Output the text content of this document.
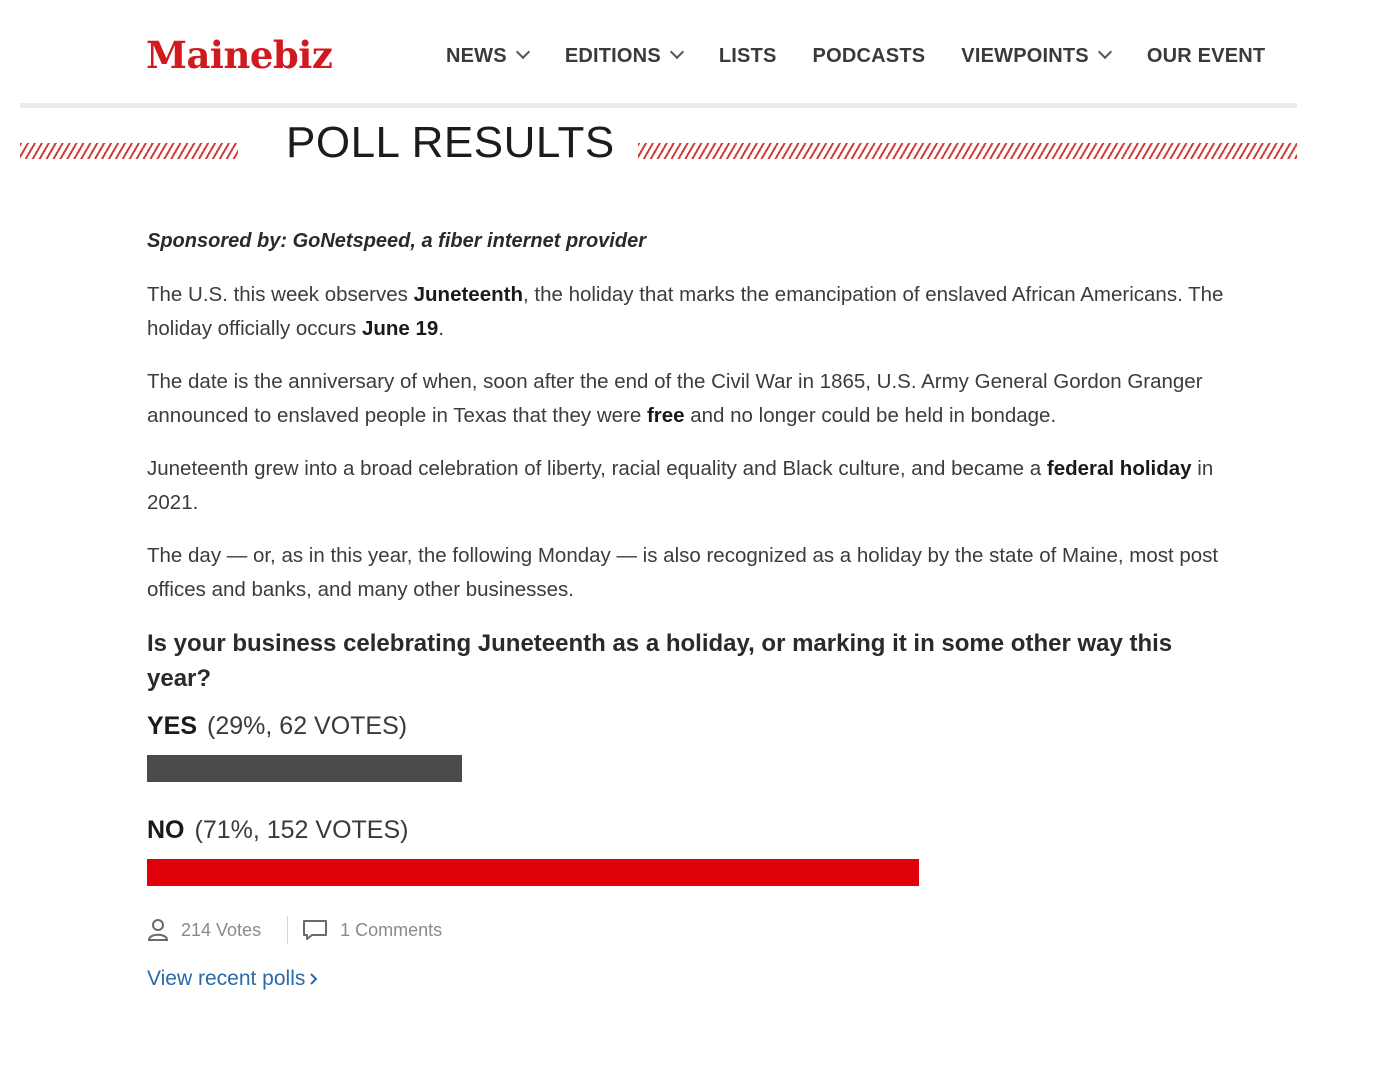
Mainebiz	NEWS	EDITIONS	LISTS PODCASTS VIEWPOINTS	OUR EVENT
POLL RESULTS

Sponsored by: GoNetspeed, a fiber internet provider

The U.S. this week observes Juneteenth, the holiday that marks the emancipation of enslaved African Americans. The holiday officially occurs June 19.

The date is the anniversary of when, soon after the end of the Civil War in 1865, U.S. Army General Gordon Granger announced to enslaved people in Texas that they were free and no longer could be held in bondage.

Juneteenth grew into a broad celebration of liberty, racial equality and Black culture, and became a federal holiday in 2021.

The day — or, as in this year, the following Monday — is also recognized as a holiday by the state of Maine, most post offices and banks, and many other businesses.

Is your business celebrating Juneteenth as a holiday, or marking it in some other way this year?
YES (29%, 62 VOTES)
NO (71%, 152 VOTES)
214 Votes	1 Comments
View recent polls
